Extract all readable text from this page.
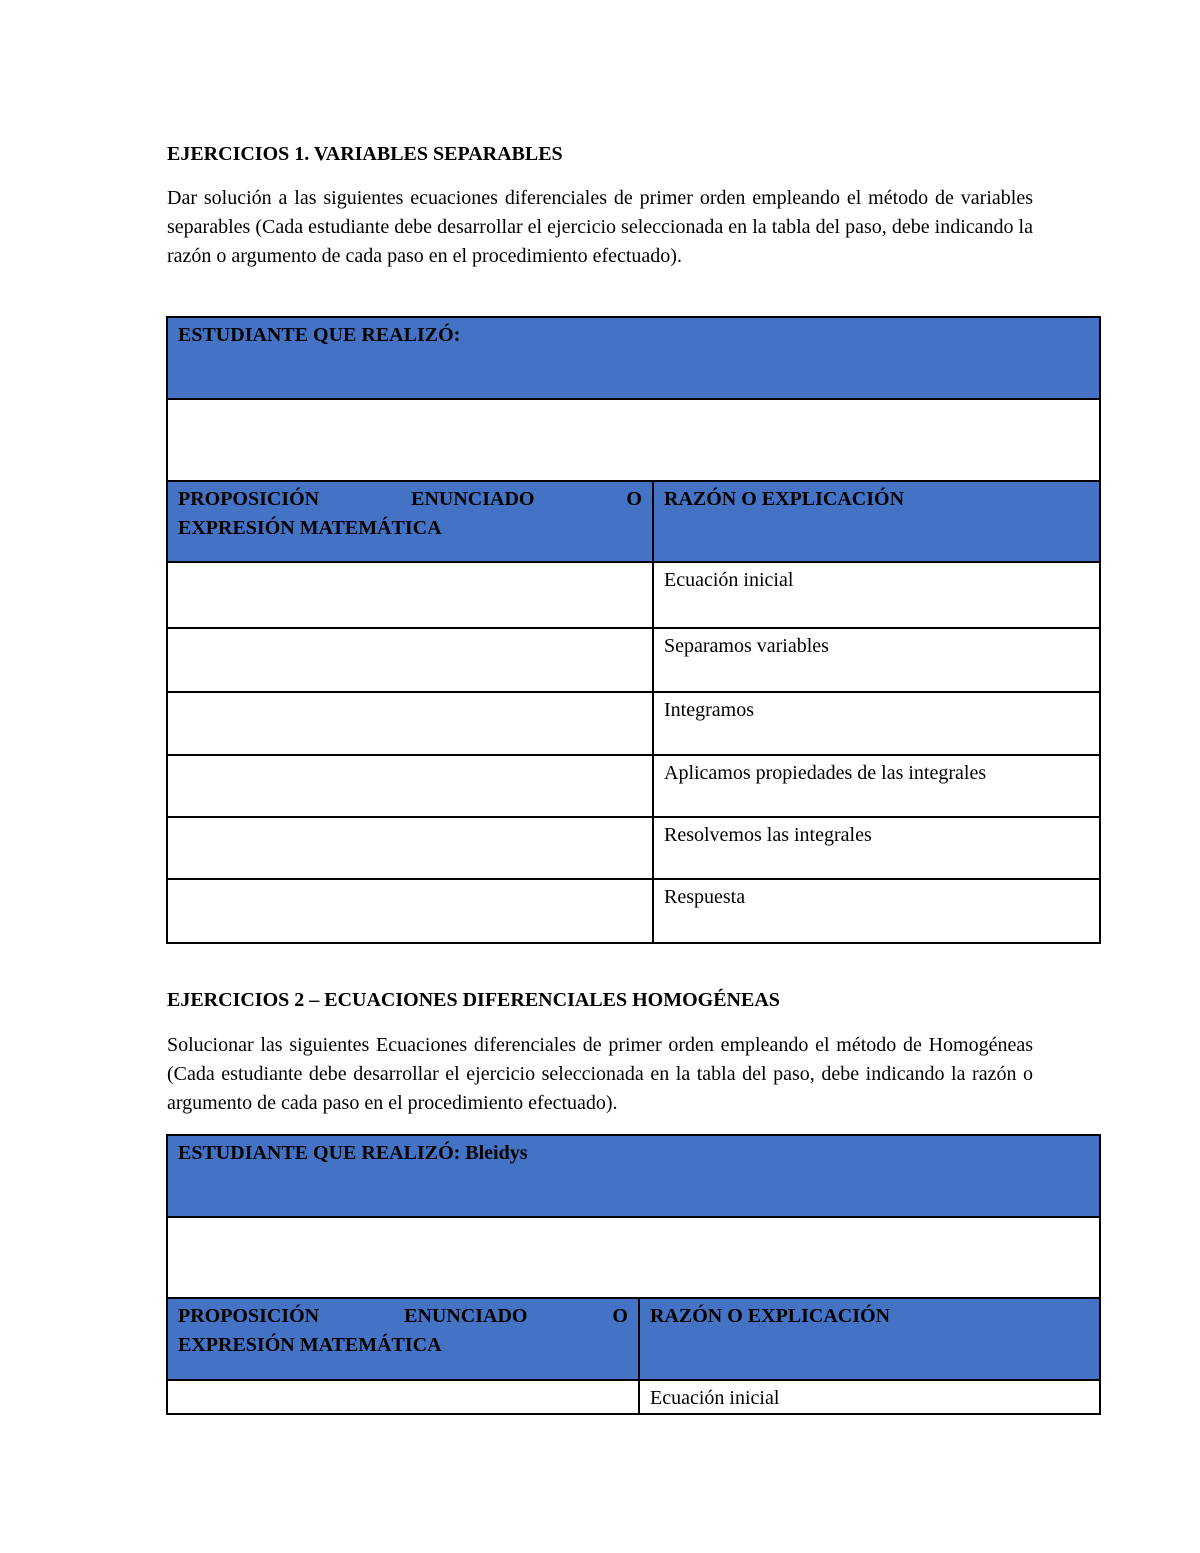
EJERCICIOS 1. VARIABLES SEPARABLES

Dar solución a las siguientes ecuaciones diferenciales de primer orden empleando el método de variables separables (Cada estudiante debe desarrollar el ejercicio seleccionada en la tabla del paso, debe indicando la razón o argumento de cada paso en el procedimiento efectuado).

ESTUDIANTE QUE REALIZÓ:	

PROPOSICIÓN ENUNCIADO O
EXPRESIÓN MATEMÁTICA	RAZÓN O EXPLICACIÓN
	Ecuación inicial
	Separamos variables
	Integramos
	Aplicamos propiedades de las integrales
	Resolvemos las integrales
	Respuesta
EJERCICIOS 2 – ECUACIONES DIFERENCIALES HOMOGÉNEAS

Solucionar las siguientes Ecuaciones diferenciales de primer orden empleando el método de Homogéneas (Cada estudiante debe desarrollar el ejercicio seleccionada en la tabla del paso, debe indicando la razón o argumento de cada paso en el procedimiento efectuado).

ESTUDIANTE QUE REALIZÓ: Bleidys	

PROPOSICIÓN ENUNCIADO O
EXPRESIÓN MATEMÁTICA	RAZÓN O EXPLICACIÓN
	Ecuación inicial
